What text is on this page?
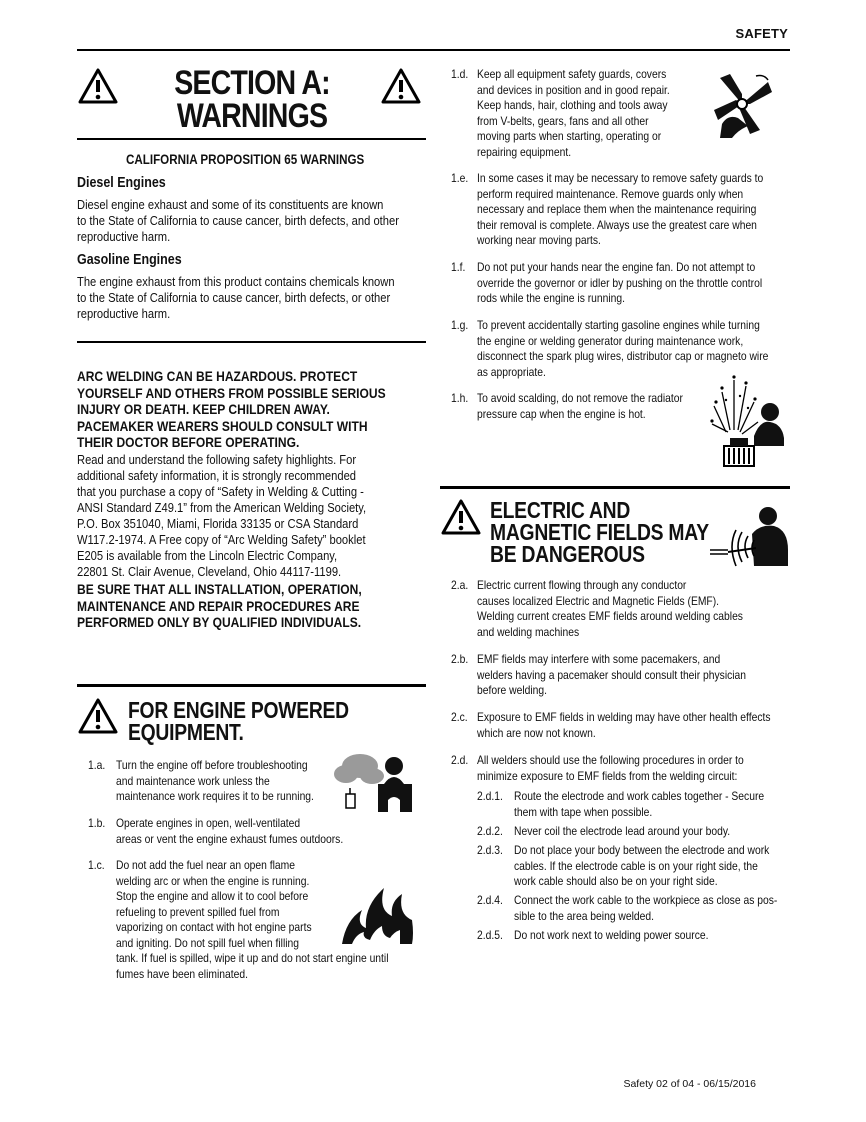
SAFETY
SECTION A:
WARNINGS
CALIFORNIA PROPOSITION 65 WARNINGS
Diesel Engines
Diesel engine exhaust and some of its constituents are known
to the State of California to cause cancer, birth defects, and other
reproductive harm.
Gasoline Engines
The engine exhaust from this product contains chemicals known
to the State of California to cause cancer, birth defects, or other
reproductive harm.
ARC WELDING CAN BE HAZARDOUS. PROTECT
YOURSELF AND OTHERS FROM POSSIBLE SERIOUS
INJURY OR DEATH. KEEP CHILDREN AWAY.
PACEMAKER WEARERS SHOULD CONSULT WITH
THEIR DOCTOR BEFORE OPERATING.
Read and understand the following safety highlights. For
additional safety information, it is strongly recommended
that you purchase a copy of “Safety in Welding & Cutting -
ANSI Standard Z49.1” from the American Welding Society,
P.O. Box 351040, Miami, Florida 33135 or CSA Standard
W117.2-1974. A Free copy of “Arc Welding Safety” booklet
E205 is available from the Lincoln Electric Company,
22801 St. Clair Avenue, Cleveland, Ohio 44117-1199.
BE SURE THAT ALL INSTALLATION, OPERATION,
MAINTENANCE AND REPAIR PROCEDURES ARE
PERFORMED ONLY BY QUALIFIED INDIVIDUALS.
FOR ENGINE POWERED
EQUIPMENT.
1.a. Turn the engine off before troubleshooting
and maintenance work unless the
maintenance work requires it to be running.
1.b. Operate engines in open, well-ventilated
areas or vent the engine exhaust fumes outdoors.
1.c. Do not add the fuel near an open flame
welding arc or when the engine is running.
Stop the engine and allow it to cool before
refueling to prevent spilled fuel from
vaporizing on contact with hot engine parts
and igniting. Do not spill fuel when filling
tank. If fuel is spilled, wipe it up and do not start engine until
fumes have been eliminated.
1.d. Keep all equipment safety guards, covers
and devices in position and in good repair.
Keep hands, hair, clothing and tools away
from V-belts, gears, fans and all other
moving parts when starting, operating or
repairing equipment.
1.e. In some cases it may be necessary to remove safety guards to
perform required maintenance. Remove guards only when
necessary and replace them when the maintenance requiring
their removal is complete. Always use the greatest care when
working near moving parts.
1.f. Do not put your hands near the engine fan. Do not attempt to
override the governor or idler by pushing on the throttle control
rods while the engine is running.
1.g. To prevent accidentally starting gasoline engines while turning
the engine or welding generator during maintenance work,
disconnect the spark plug wires, distributor cap or magneto wire
as appropriate.
1.h. To avoid scalding, do not remove the radiator
pressure cap when the engine is hot.
ELECTRIC AND
MAGNETIC FIELDS MAY
BE DANGEROUS
2.a. Electric current flowing through any conductor
causes localized Electric and Magnetic Fields (EMF).
Welding current creates EMF fields around welding cables
and welding machines
2.b. EMF fields may interfere with some pacemakers, and
welders having a pacemaker should consult their physician
before welding.
2.c. Exposure to EMF fields in welding may have other health effects
which are now not known.
2.d. All welders should use the following procedures in order to
minimize exposure to EMF fields from the welding circuit:
2.d.1. Route the electrode and work cables together - Secure
them with tape when possible.
2.d.2. Never coil the electrode lead around your body.
2.d.3. Do not place your body between the electrode and work
cables. If the electrode cable is on your right side, the
work cable should also be on your right side.
2.d.4. Connect the work cable to the workpiece as close as pos-
sible to the area being welded.
2.d.5. Do not work next to welding power source.
Safety 02 of 04 - 06/15/2016
